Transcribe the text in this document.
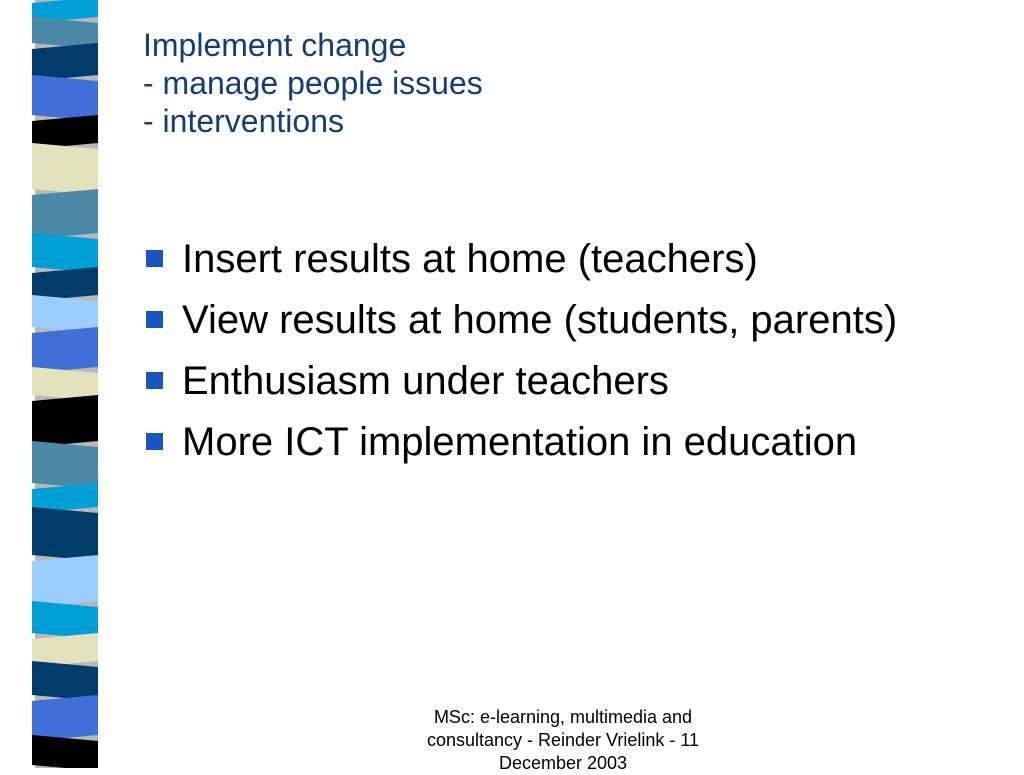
Implement change
- manage people issues
- interventions
Insert results at home (teachers)
View results at home (students, parents)
Enthusiasm under teachers
More ICT implementation in education
MSc: e-learning, multimedia and consultancy - Reinder Vrielink - 11 December 2003
